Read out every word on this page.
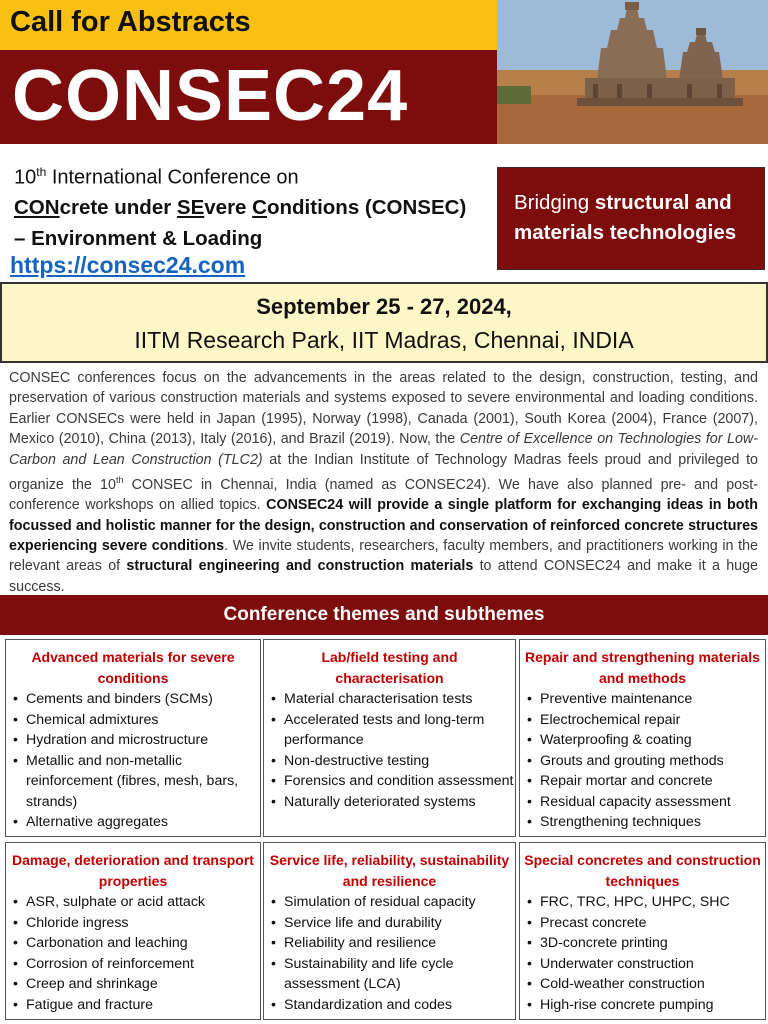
Call for Abstracts
CONSEC24
10th International Conference on
CONcrete under SEvere Conditions (CONSEC)
– Environment & Loading
https://consec24.com
Bridging structural and materials technologies
September 25 - 27, 2024,
IITM Research Park, IIT Madras, Chennai, INDIA
CONSEC conferences focus on the advancements in the areas related to the design, construction, testing, and preservation of various construction materials and systems exposed to severe environmental and loading conditions. Earlier CONSECs were held in Japan (1995), Norway (1998), Canada (2001), South Korea (2004), France (2007), Mexico (2010), China (2013), Italy (2016), and Brazil (2019). Now, the Centre of Excellence on Technologies for Low-Carbon and Lean Construction (TLC2) at the Indian Institute of Technology Madras feels proud and privileged to organize the 10th CONSEC in Chennai, India (named as CONSEC24). We have also planned pre- and post-conference workshops on allied topics. CONSEC24 will provide a single platform for exchanging ideas in both focussed and holistic manner for the design, construction and conservation of reinforced concrete structures experiencing severe conditions. We invite students, researchers, faculty members, and practitioners working in the relevant areas of structural engineering and construction materials to attend CONSEC24 and make it a huge success.
Conference themes and subthemes
Advanced materials for severe conditions
• Cements and binders (SCMs)
• Chemical admixtures
• Hydration and microstructure
• Metallic and non-metallic reinforcement (fibres, mesh, bars, strands)
• Alternative aggregates
Lab/field testing and characterisation
• Material characterisation tests
• Accelerated tests and long-term performance
• Non-destructive testing
• Forensics and condition assessment
• Naturally deteriorated systems
Repair and strengthening materials and methods
• Preventive maintenance
• Electrochemical repair
• Waterproofing & coating
• Grouts and grouting methods
• Repair mortar and concrete
• Residual capacity assessment
• Strengthening techniques
Damage, deterioration and transport properties
• ASR, sulphate or acid attack
• Chloride ingress
• Carbonation and leaching
• Corrosion of reinforcement
• Creep and shrinkage
• Fatigue and fracture
Service life, reliability, sustainability and resilience
• Simulation of residual capacity
• Service life and durability
• Reliability and resilience
• Sustainability and life cycle assessment (LCA)
• Standardization and codes
Special concretes and construction techniques
• FRC, TRC, HPC, UHPC, SHC
• Precast concrete
• 3D-concrete printing
• Underwater construction
• Cold-weather construction
• High-rise concrete pumping
